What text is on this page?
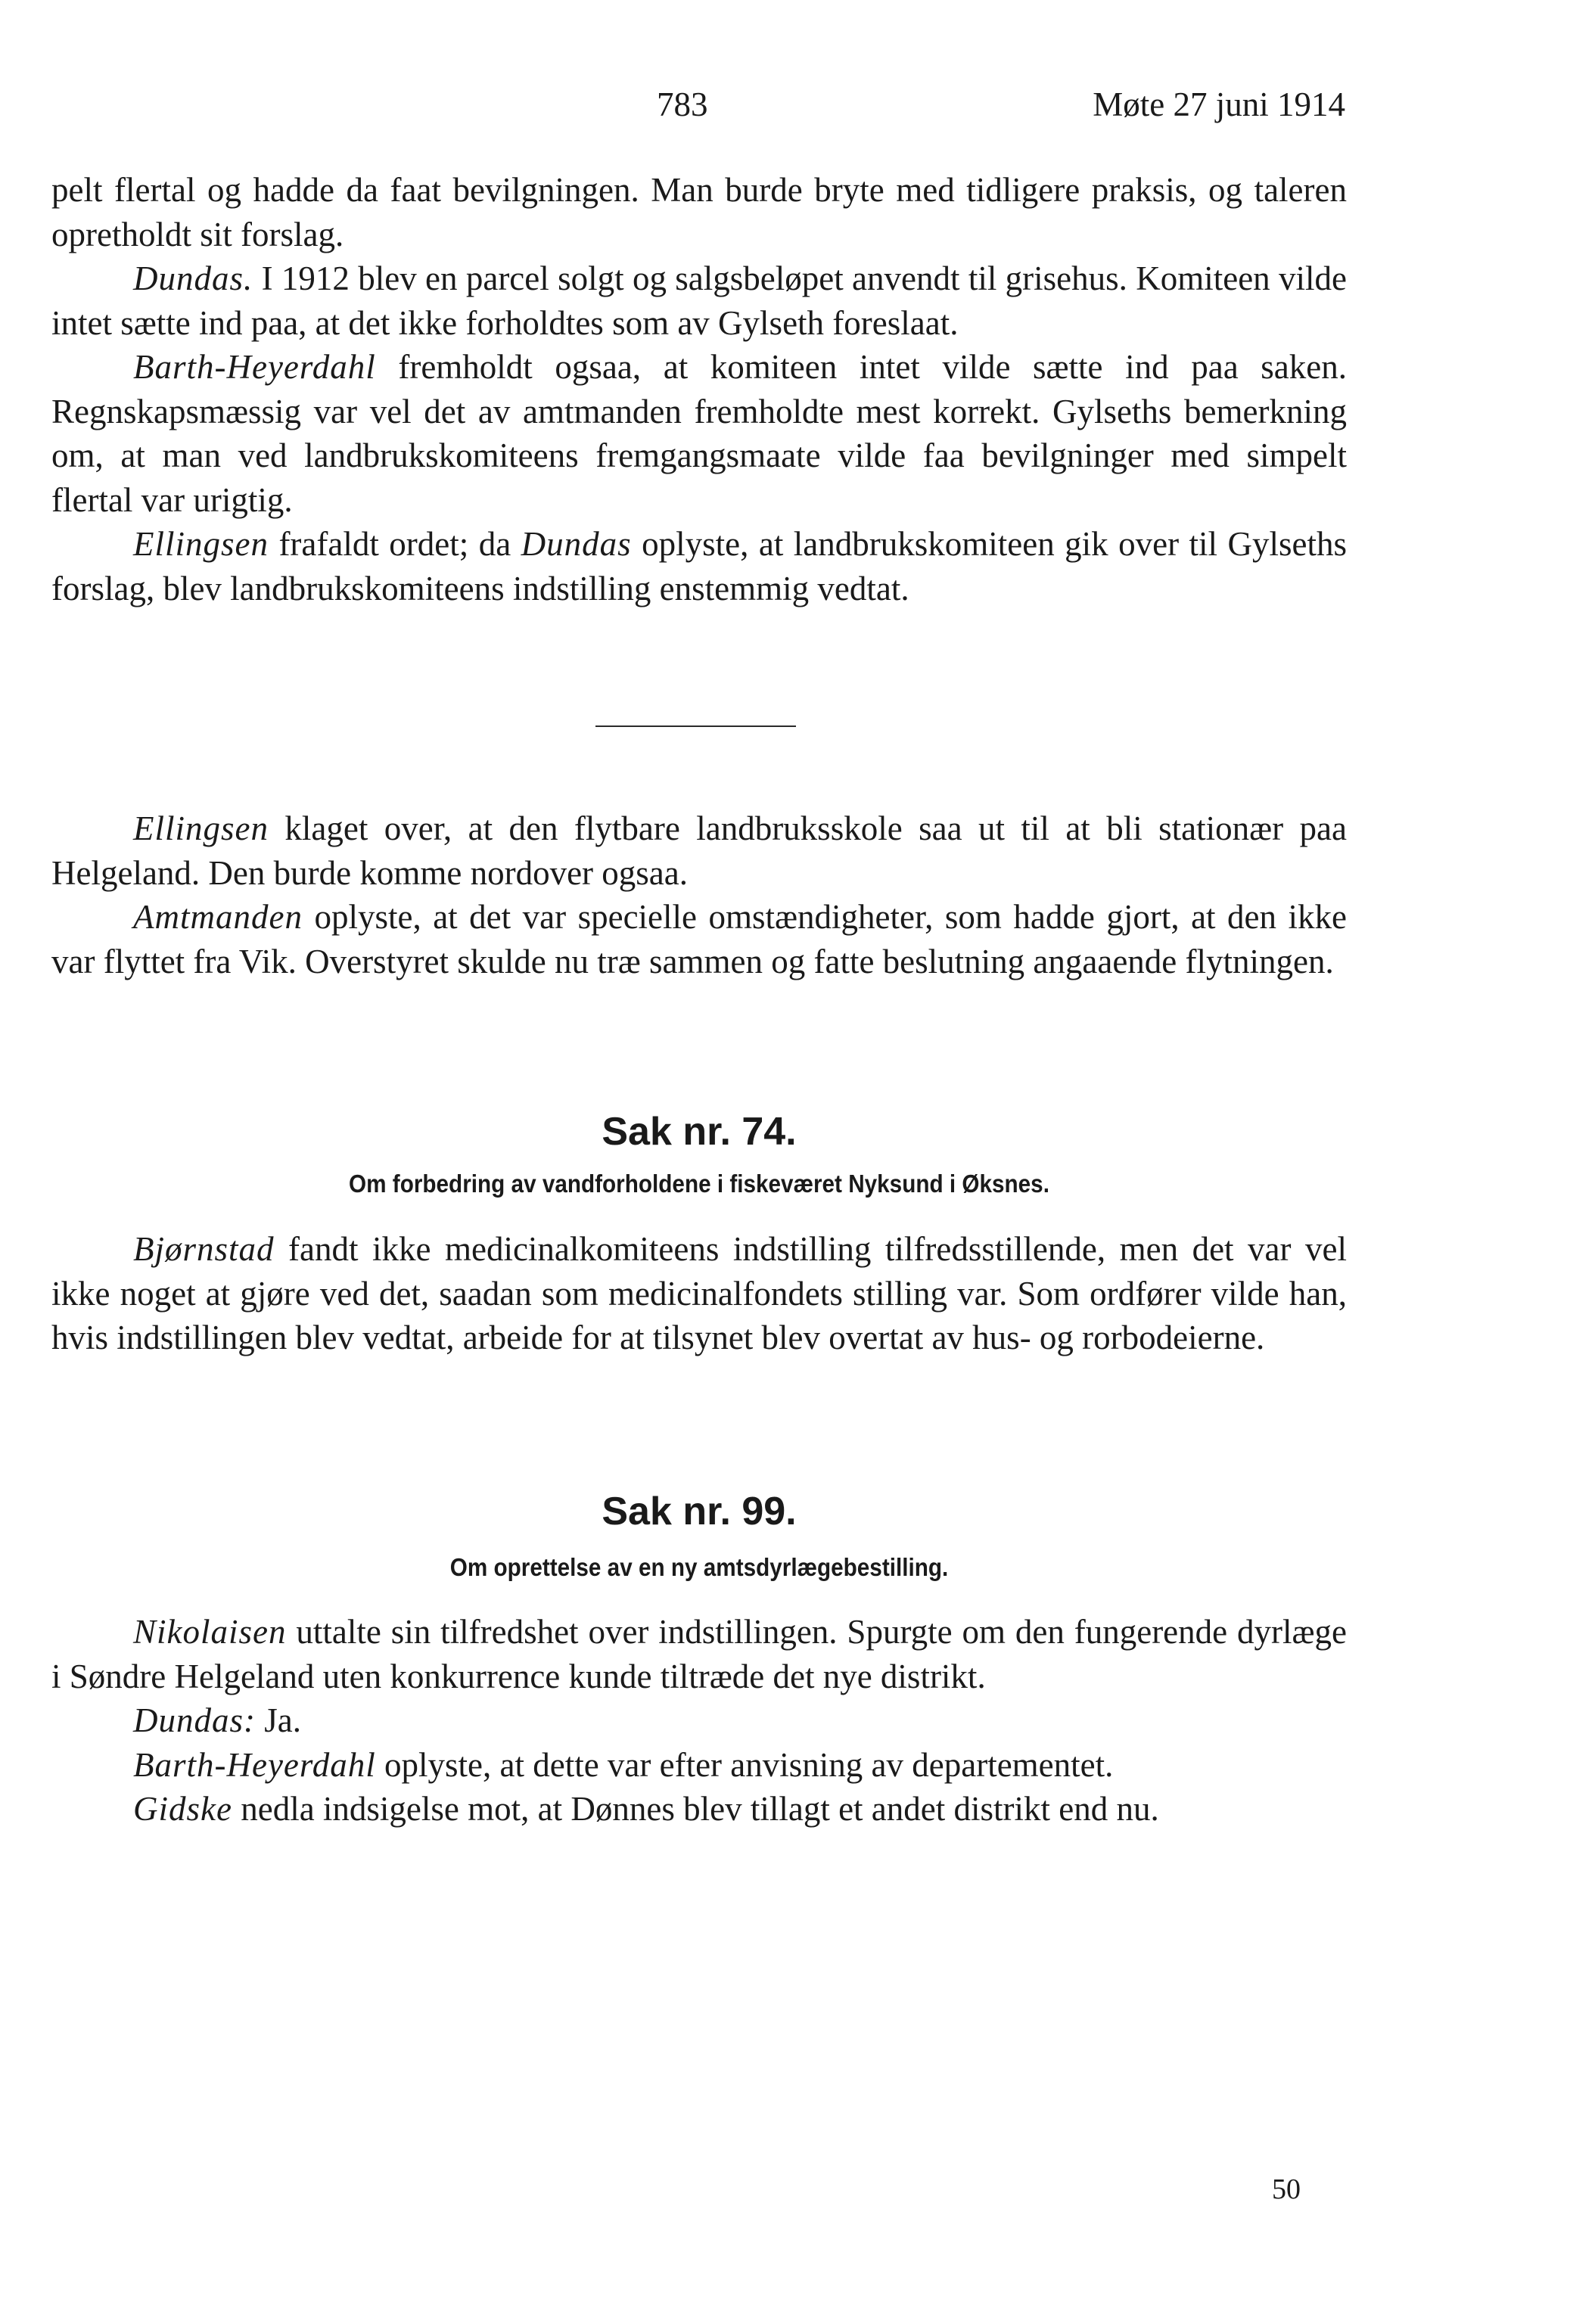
783	Møte 27 juni 1914

pelt flertal og hadde da faat bevilgningen. Man burde bryte med tidligere praksis, og taleren opretholdt sit forslag.

Dundas. I 1912 blev en parcel solgt og salgsbeløpet anvendt til grisehus. Komiteen vilde intet sætte ind paa, at det ikke forholdtes som av Gylseth foreslaat.

Barth-Heyerdahl fremholdt ogsaa, at komiteen intet vilde sætte ind paa saken. Regnskapsmæssig var vel det av amtmanden fremholdte mest korrekt. Gylseths bemerkning om, at man ved landbrukskomiteens fremgangsmaate vilde faa bevilgninger med simpelt flertal var urigtig.

Ellingsen frafaldt ordet; da Dundas oplyste, at landbrukskomiteen gik over til Gylseths forslag, blev landbrukskomiteens indstilling enstemmig vedtat.

Ellingsen klaget over, at den flytbare landbruksskole saa ut til at bli stationær paa Helgeland. Den burde komme nordover ogsaa.

Amtmanden oplyste, at det var specielle omstændigheter, som hadde gjort, at den ikke var flyttet fra Vik. Overstyret skulde nu træ sammen og fatte beslutning angaaende flytningen.

Sak nr. 74.
Om forbedring av vandforholdene i fiskeværet Nyksund i Øksnes.

Bjørnstad fandt ikke medicinalkomiteens indstilling tilfredsstillende, men det var vel ikke noget at gjøre ved det, saadan som medicinalfondets stilling var. Som ordfører vilde han, hvis indstillingen blev vedtat, arbeide for at tilsynet blev overtat av hus- og rorbodeierne.

Sak nr. 99.
Om oprettelse av en ny amtsdyrlægebestilling.

Nikolaisen uttalte sin tilfredshet over indstillingen. Spurgte om den fungerende dyrlæge i Søndre Helgeland uten konkurrence kunde tiltræde det nye distrikt.

Dundas: Ja.

Barth-Heyerdahl oplyste, at dette var efter anvisning av departementet.

Gidske nedla indsigelse mot, at Dønnes blev tillagt et andet distrikt end nu.

50
